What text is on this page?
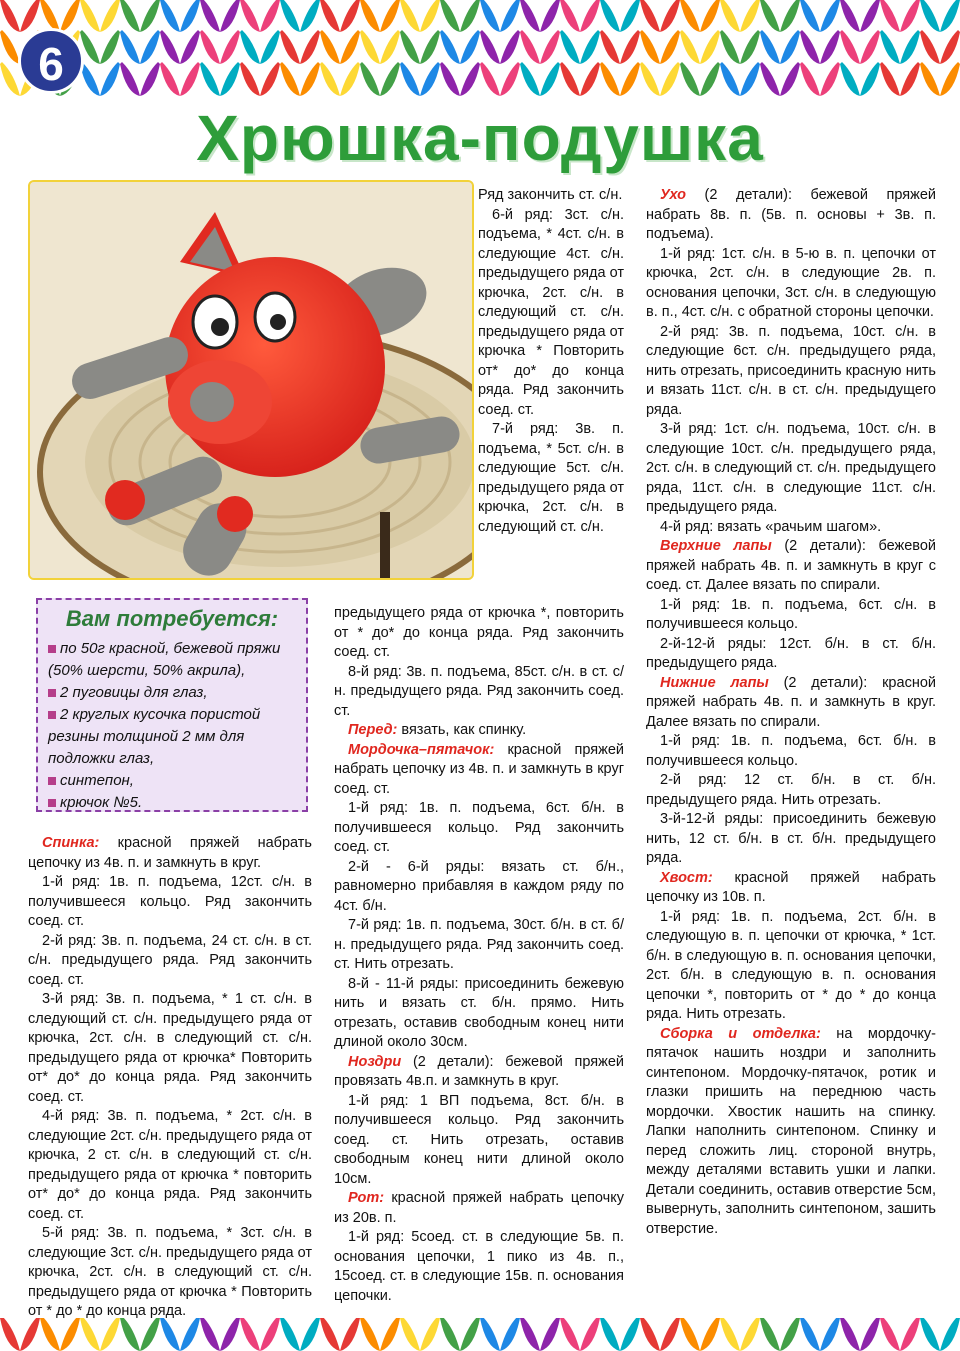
6
Хрюшка-подушка
Вам потребуется:
по 50г красной, бежевой пряжи (50% шерсти, 50% акрила),
2 пуговицы для глаз,
2 круглых кусочка пористой резины толщиной 2 мм для подложки глаз,
синтепон,
крючок №5.

Спинка: красной пряжей набрать цепочку из 4в. п. и замкнуть в круг.

1-й ряд: 1в. п. подъема, 12ст. с/н. в получившееся кольцо. Ряд закончить соед. ст.

2-й ряд: 3в. п. подъема, 24 ст. с/н. в ст. с/н. предыдущего ряда. Ряд закончить соед. ст.

3-й ряд: 3в. п. подъема, * 1 ст. с/н. в следующий ст. с/н. предыдущего ряда от крючка, 2ст. с/н. в следующий ст. с/н. предыдущего ряда от крючка* Повторить от* до* до конца ряда. Ряд закончить соед. ст.

4-й ряд: 3в. п. подъема, * 2ст. с/н. в следующие 2ст. с/н. предыдущего ряда от крючка, 2 ст. с/н. в следующий ст. с/н. предыдущего ряда от крючка * повторить от* до* до конца ряда. Ряд закончить соед. ст.

5-й ряд: 3в. п. подъема, * 3ст. с/н. в следующие 3ст. с/н. предыдущего ряда от крючка, 2ст. с/н. в следующий ст. с/н. предыдущего ряда от крючка * Повторить от * до * до конца ряда.

Ряд закончить ст. с/н.

6-й ряд: 3ст. с/н. подъема, * 4ст. с/н. в следующие 4ст. с/н. предыдущего ряда от крючка, 2ст. с/н. в следующий ст. с/н. предыдущего ряда от крючка * Повторить от* до* до конца ряда. Ряд закончить соед. ст.

7-й ряд: 3в. п. подъема, * 5ст. с/н. в следующие 5ст. с/н. предыдущего ряда от крючка, 2ст. с/н. в следующий ст. с/н.

предыдущего ряда от крючка *, повторить от * до* до конца ряда. Ряд закончить соед. ст.

8-й ряд: 3в. п. подъема, 85ст. с/н. в ст. с/н. предыдущего ряда. Ряд закончить соед. ст.

Перед: вязать, как спинку.

Мордочка–пятачок: красной пряжей набрать цепочку из 4в. п. и замкнуть в круг соед. ст.

1-й ряд: 1в. п. подъема, 6ст. б/н. в получившееся кольцо. Ряд закончить соед. ст.

2-й - 6-й ряды: вязать ст. б/н., равномерно прибавляя в каждом ряду по 4ст. б/н.

7-й ряд: 1в. п. подъема, 30ст. б/н. в ст. б/н. предыдущего ряда. Ряд закончить соед. ст. Нить отрезать.

8-й - 11-й ряды: присоединить бежевую нить и вязать ст. б/н. прямо. Нить отрезать, оставив свободным конец нити длиной около 30см.

Ноздри (2 детали): бежевой пряжей провязать 4в.п. и замкнуть в круг.

1-й ряд: 1 ВП подъема, 8ст. б/н. в получившееся кольцо. Ряд закончить соед. ст. Нить отрезать, оставив свободным конец нити длиной около 10см.

Рот: красной пряжей набрать цепочку из 20в. п.

1-й ряд: 5соед. ст. в следующие 5в. п. основания цепочки, 1 пико из 4в. п., 15соед. ст. в следующие 15в. п. основания цепочки.

Ухо (2 детали): бежевой пряжей набрать 8в. п. (5в. п. основы + 3в. п. подъема).

1-й ряд: 1ст. с/н. в 5-ю в. п. цепочки от крючка, 2ст. с/н. в следующие 2в. п. основания цепочки, 3ст. с/н. в следующую в. п., 4ст. с/н. с обратной стороны цепочки.

2-й ряд: 3в. п. подъема, 10ст. с/н. в следующие 6ст. с/н. предыдущего ряда, нить отрезать, присоединить красную нить и вязать 11ст. с/н. в ст. с/н. предыдущего ряда.

3-й ряд: 1ст. с/н. подъема, 10ст. с/н. в следующие 10ст. с/н. предыдущего ряда, 2ст. с/н. в следующий ст. с/н. предыдущего ряда, 11ст. с/н. в следующие 11ст. с/н. предыдущего ряда.

4-й ряд: вязать «рачьим шагом».

Верхние лапы (2 детали): бежевой пряжей набрать 4в. п. и замкнуть в круг с соед. ст. Далее вязать по спирали.

1-й ряд: 1в. п. подъема, 6ст. с/н. в получившееся кольцо.

2-й-12-й ряды: 12ст. б/н. в ст. б/н. предыдущего ряда.

Нижние лапы (2 детали): красной пряжей набрать 4в. п. и замкнуть в круг. Далее вязать по спирали.

1-й ряд: 1в. п. подъема, 6ст. б/н. в получившееся кольцо.

2-й ряд: 12 ст. б/н. в ст. б/н. предыдущего ряда. Нить отрезать.

3-й-12-й ряды: присоединить бежевую нить, 12 ст. б/н. в ст. б/н. предыдущего ряда.

Хвост: красной пряжей набрать цепочку из 10в. п.

1-й ряд: 1в. п. подъема, 2ст. б/н. в следующую в. п. цепочки от крючка, * 1ст. б/н. в следующую в. п. основания цепочки, 2ст. б/н. в следующую в. п. основания цепочки *, повторить от * до * до конца ряда. Нить отрезать.

Сборка и отделка: на мордочку-пятачок нашить ноздри и заполнить синтепоном. Мордочку-пятачок, ротик и глазки пришить на переднюю часть мордочки. Хвостик нашить на спинку. Лапки наполнить синтепоном. Спинку и перед сложить лиц. стороной внутрь, между деталями вставить ушки и лапки. Детали соединить, оставив отверстие 5см, вывернуть, заполнить синтепоном, зашить отверстие.
